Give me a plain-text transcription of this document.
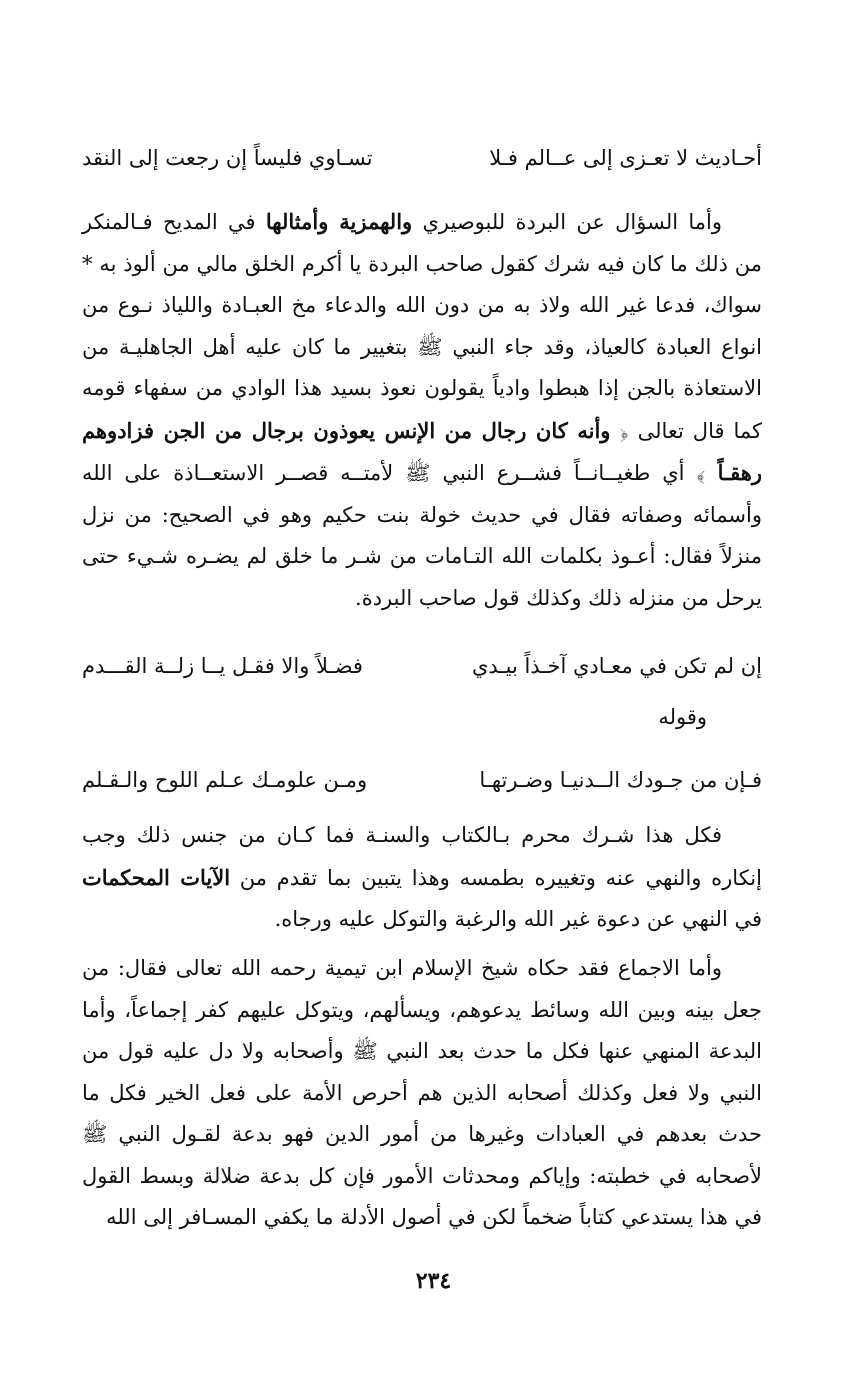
أحـاديث لا تعـزى إلى عــالم فـلا
تسـاوي فليساً إن رجعت إلى النقد

وأما السؤال عن البردة للبوصيري والهمزية وأمثالها في المديح فـالمنكر من ذلك ما كان فيه شرك كقول صاحب البردة يا أكرم الخلق مالي من ألوذ به * سواك، فدعا غير الله ولاذ به من دون الله والدعاء مخ العبـادة واللياذ نـوع من انواع العبادة كالعياذ، وقد جاء النبي ﷺ بتغيير ما كان عليه أهل الجاهليـة من الاستعاذة بالجن إذا هبطوا وادياً يقولون نعوذ بسيد هذا الوادي من سفهاء قومه كما قال تعالى ﴿ وأنه كان رجال من الإنس يعوذون برجال من الجن فزادوهم رهقـاً ﴾ أي طغيــانــاً فشــرع النبي ﷺ لأمتــه قصــر الاستعــاذة على الله وأسمائه وصفاته فقال في حديث خولة بنت حكيم وهو في الصحيح: من نزل منزلاً فقال: أعـوذ بكلمات الله التـامات من شـر ما خلق لم يضـره شـيء حتى يرحل من منزله ذلك وكذلك قول صاحب البردة.

إن لم تكن في معـادي آخـذاً بيـدي
فضـلاً والا فقـل يــا زلــة القـــدم

وقوله

فـإن من جـودك الــدنيـا وضـرتهـا
ومـن علومـك عـلم اللوح والـقـلم

فكل هذا شـرك محرم بـالكتاب والسنـة فما كـان من جنس ذلك وجب إنكاره والنهي عنه وتغييره بطمسه وهذا يتبين بما تقدم من الآيات المحكمات في النهي عن دعوة غير الله والرغبة والتوكل عليه ورجاه.

وأما الاجماع فقد حكاه شيخ الإسلام ابن تيمية رحمه الله تعالى فقال: من جعل بينه وبين الله وسائط يدعوهم، ويسألهم، ويتوكل عليهم كفر إجماعاً، وأما البدعة المنهي عنها فكل ما حدث بعد النبي ﷺ وأصحابه ولا دل عليه قول من النبي ولا فعل وكذلك أصحابه الذين هم أحرص الأمة على فعل الخير فكل ما حدث بعدهم في العبادات وغيرها من أمور الدين فهو بدعة لقـول النبي ﷺ لأصحابه في خطبته: وإياكم ومحدثات الأمور فإن كل بدعة ضلالة وبسط القول في هذا يستدعي كتاباً ضخماً لكن في أصول الأدلة ما يكفي المسـافر إلى الله

٢٣٤
